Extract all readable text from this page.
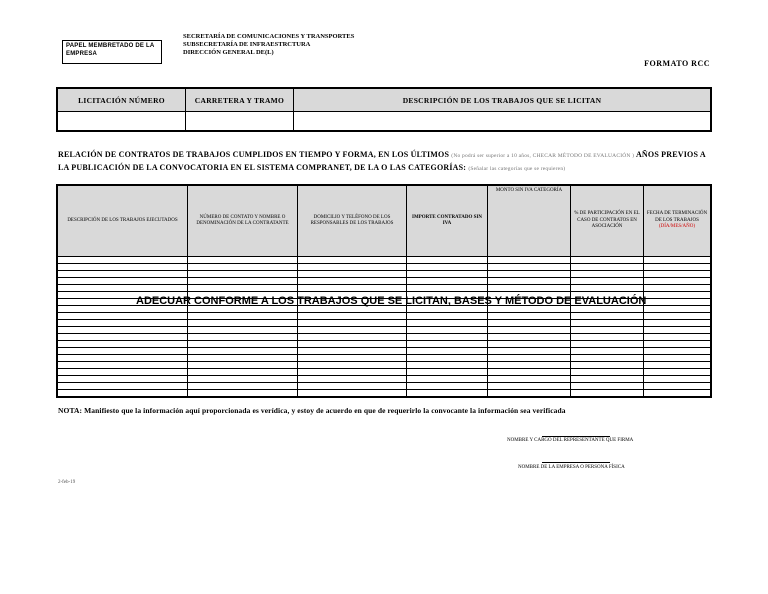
PAPEL MEMBRETADO DE LA EMPRESA
SECRETARÍA DE COMUNICACIONES Y TRANSPORTES
SUBSECRETARÍA DE INFRAESTRCTURA
DIRECCIÓN GENERAL DE(L)
FORMATO RCC
LICITACIÓN NÚMERO	CARRETERA Y TRAMO	DESCRIPCIÓN DE LOS TRABAJOS QUE SE LICITAN

RELACIÓN DE CONTRATOS DE TRABAJOS CUMPLIDOS EN TIEMPO Y FORMA, EN LOS ÚLTIMOS (No podrá ser superior a 10 años, CHECAR MÉTODO DE EVALUACIÓN ) AÑOS PREVIOS A LA PUBLICACIÓN DE LA CONVOCATORIA EN EL SISTEMA COMPRANET, DE LA O LAS CATEGORÍAS: (Señalar las categorías que se requieren)
DESCRIPCIÓN DE LOS TRABAJOS EJECUTADOS	NÚMERO DE CONTATO Y NOMBRE O DENOMINACIÓN DE LA CONTRATANTE	DOMICILIO Y TELÉFONO DE LOS RESPONSABLES DE LOS TRABAJOS	IMPORTE CONTRATADO SIN IVA	MONTO SIN IVA CATEGORÍA	% DE PARTICIPACIÓN EN EL CASO DE CONTRATOS EN ASOCIACIÓN	FECHA DE TERMINACIÓN DE LOS TRABAJOS
(DÍA/MES/AÑO)

ADECUAR CONFORME A LOS TRABAJOS QUE SE LICITAN, BASES Y MÉTODO DE EVALUACIÓN
NOTA: Manifiesto que la información aquí proporcionada es verídica, y estoy de acuerdo en que de requerirlo la convocante la información sea verificada
NOMBRE Y CARGO DEL REPRESENTANTE QUE FIRMA
NOMBRE DE LA EMPRESA O PERSONA FÍSICA
2-feb-19
